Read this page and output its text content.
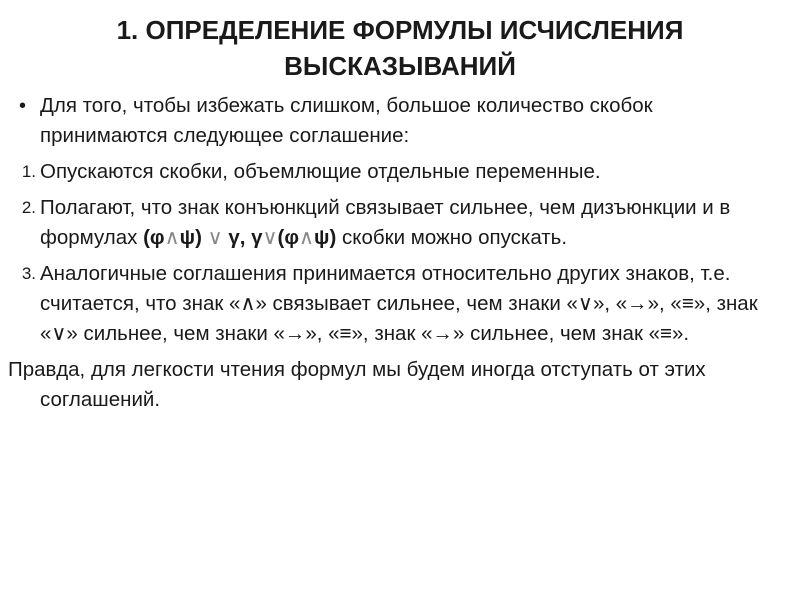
1. ОПРЕДЕЛЕНИЕ ФОРМУЛЫ ИСЧИСЛЕНИЯ ВЫСКАЗЫВАНИЙ
• Для того, чтобы избежать слишком, большое количество скобок принимаются следующее соглашение:
1. Опускаются скобки, объемлющие отдельные переменные.
2. Полагают, что знак конъюнкций связывает сильнее, чем дизъюнкции и в формулах (φ∧ψ) ∨ γ, γ∨(φ∧ψ) скобки можно опускать.
3. Аналогичные соглашения принимается относительно других знаков, т.е. считается, что знак «∧» связывает сильнее, чем знаки «∨», «→», «≡», знак «∨» сильнее, чем знаки «→», «≡», знак «→» сильнее, чем знак «≡».
Правда, для легкости чтения формул мы будем иногда отступать от этих соглашений.
